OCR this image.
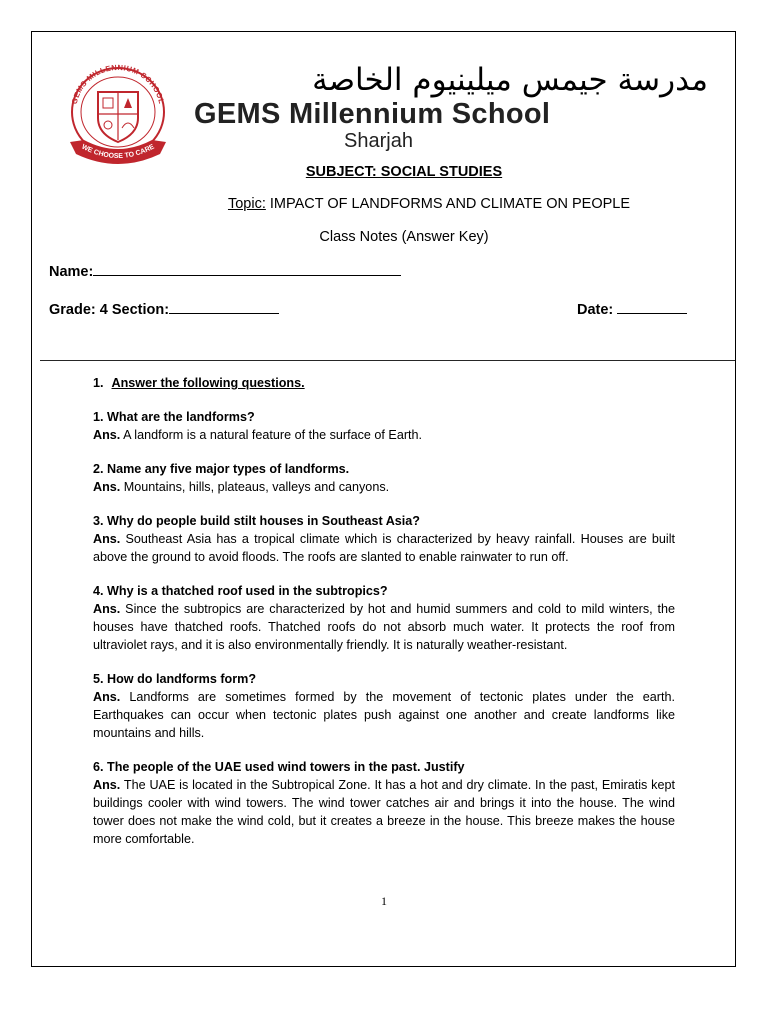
GEMS MILLENNIUM SCHOOL
WE CHOOSE TO CARE
مدرسة جيمس ميلينيوم الخاصة
GEMS Millennium School
Sharjah
SUBJECT: SOCIAL STUDIES
Topic: IMPACT OF LANDFORMS AND CLIMATE ON PEOPLE
Class Notes (Answer Key)
Name:
Grade: 4 Section:	Date:
1. Answer the following questions.
1. What are the landforms?
Ans. A landform is a natural feature of the surface of Earth.
2. Name any five major types of landforms.
Ans. Mountains, hills, plateaus, valleys and canyons.
3. Why do people build stilt houses in Southeast Asia?
Ans. Southeast Asia has a tropical climate which is characterized by heavy rainfall. Houses are built above the ground to avoid floods. The roofs are slanted to enable rainwater to run off.
4. Why is a thatched roof used in the subtropics?
Ans. Since the subtropics are characterized by hot and humid summers and cold to mild winters, the houses have thatched roofs. Thatched roofs do not absorb much water. It protects the roof from ultraviolet rays, and it is also environmentally friendly. It is naturally weather-resistant.
5. How do landforms form?
Ans. Landforms are sometimes formed by the movement of tectonic plates under the earth. Earthquakes can occur when tectonic plates push against one another and create landforms like mountains and hills.
6. The people of the UAE used wind towers in the past. Justify
Ans. The UAE is located in the Subtropical Zone. It has a hot and dry climate. In the past, Emiratis kept buildings cooler with wind towers. The wind tower catches air and brings it into the house. The wind tower does not make the wind cold, but it creates a breeze in the house. This breeze makes the house more comfortable.
1
